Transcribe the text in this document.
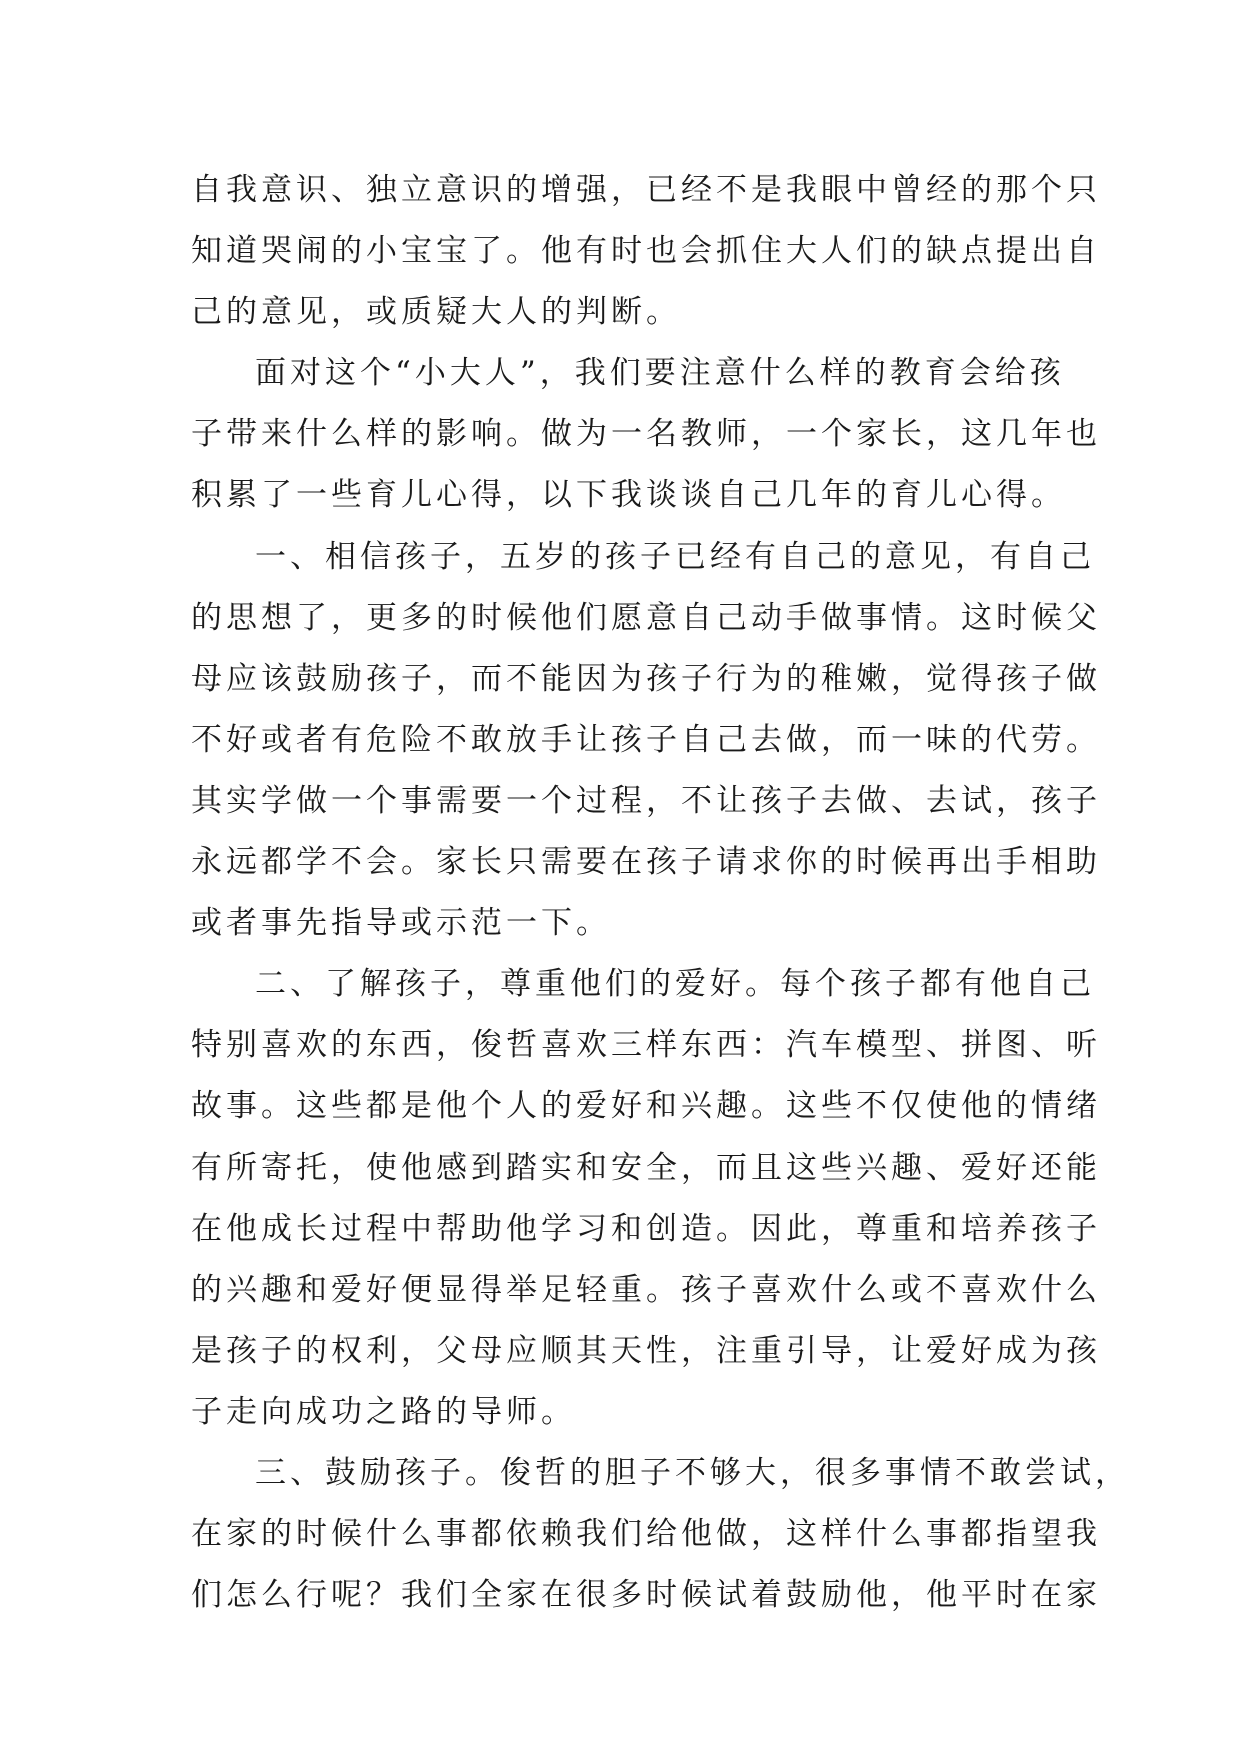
自我意识、独立意识的增强，已经不是我眼中曾经的那个只
知道哭闹的小宝宝了。他有时也会抓住大人们的缺点提出自
己的意见，或质疑大人的判断。
面对这个“小大人”，我们要注意什么样的教育会给孩
子带来什么样的影响。做为一名教师，一个家长，这几年也
积累了一些育儿心得，以下我谈谈自己几年的育儿心得。
一、相信孩子，五岁的孩子已经有自己的意见，有自己
的思想了，更多的时候他们愿意自己动手做事情。这时候父
母应该鼓励孩子，而不能因为孩子行为的稚嫩，觉得孩子做
不好或者有危险不敢放手让孩子自己去做，而一味的代劳。
其实学做一个事需要一个过程，不让孩子去做、去试，孩子
永远都学不会。家长只需要在孩子请求你的时候再出手相助
或者事先指导或示范一下。
二、了解孩子，尊重他们的爱好。每个孩子都有他自己
特别喜欢的东西，俊哲喜欢三样东西：汽车模型、拼图、听
故事。这些都是他个人的爱好和兴趣。这些不仅使他的情绪
有所寄托，使他感到踏实和安全，而且这些兴趣、爱好还能
在他成长过程中帮助他学习和创造。因此，尊重和培养孩子
的兴趣和爱好便显得举足轻重。孩子喜欢什么或不喜欢什么
是孩子的权利，父母应顺其天性，注重引导，让爱好成为孩
子走向成功之路的导师。
三、鼓励孩子。俊哲的胆子不够大，很多事情不敢尝试，
在家的时候什么事都依赖我们给他做，这样什么事都指望我
们怎么行呢？我们全家在很多时候试着鼓励他，他平时在家
